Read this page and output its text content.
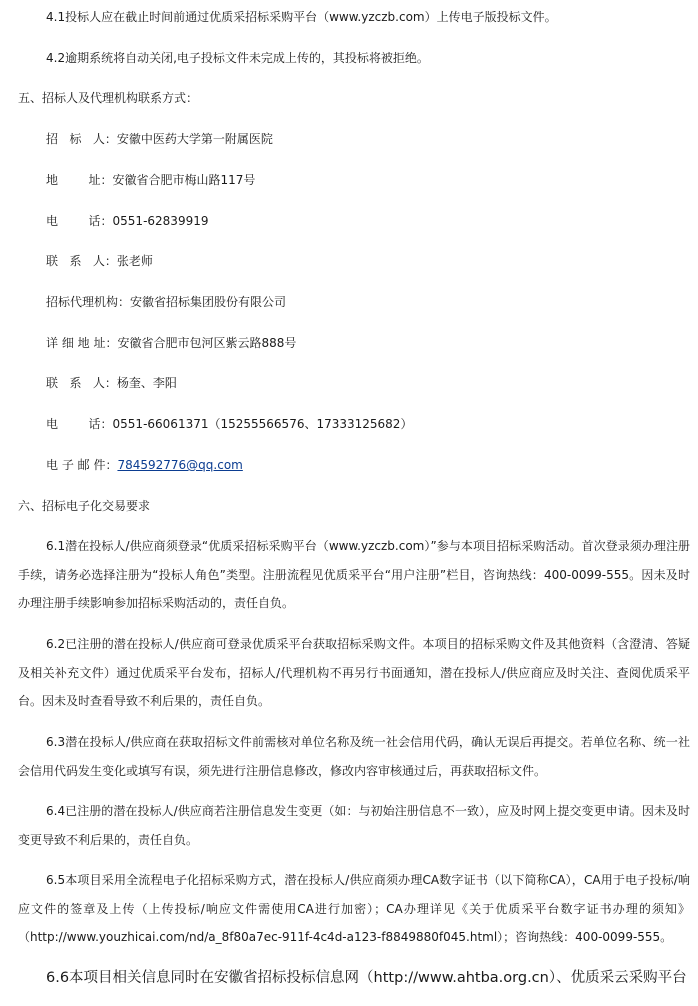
4.1投标人应在截止时间前通过优质采招标采购平台（www.yzczb.com）上传电子版投标文件。
4.2逾期系统将自动关闭,电子投标文件未完成上传的，其投标将被拒绝。
五、招标人及代理机构联系方式：
招   标   人：安徽中医药大学第一附属医院
地        址：安徽省合肥市梅山路117号
电        话：0551-62839919
联   系   人：张老师
招标代理机构：安徽省招标集团股份有限公司
详 细 地 址：安徽省合肥市包河区紫云路888号
联   系   人：杨奎、李阳
电        话：0551-66061371（15255566576、17333125682）
电 子 邮 件：784592776@qq.com
六、招标电子化交易要求
6.1潜在投标人/供应商须登录“优质采招标采购平台（www.yzczb.com）”参与本项目招标采购活动。首次登录须办理注册手续，请务必选择注册为“投标人角色”类型。注册流程见优质采平台“用户注册”栏目，咨询热线：400-0099-555。因未及时办理注册手续影响参加招标采购活动的，责任自负。
6.2已注册的潜在投标人/供应商可登录优质采平台获取招标采购文件。本项目的招标采购文件及其他资料（含澄清、答疑及相关补充文件）通过优质采平台发布，招标人/代理机构不再另行书面通知，潜在投标人/供应商应及时关注、查阅优质采平台。因未及时查看导致不利后果的，责任自负。
6.3潜在投标人/供应商在获取招标文件前需核对单位名称及统一社会信用代码，确认无误后再提交。若单位名称、统一社会信用代码发生变化或填写有误，须先进行注册信息修改，修改内容审核通过后，再获取招标文件。
6.4已注册的潜在投标人/供应商若注册信息发生变更（如：与初始注册信息不一致），应及时网上提交变更申请。因未及时变更导致不利后果的，责任自负。
6.5本项目采用全流程电子化招标采购方式，潜在投标人/供应商须办理CA数字证书（以下简称CA），CA用于电子投标/响应文件的签章及上传（上传投标/响应文件需使用CA进行加密）；CA办理详见《关于优质采平台数字证书办理的须知》（http://www.youzhicai.com/nd/a_8f80a7ec-911f-4c4d-a123-f8849880f045.html）；咨询热线：400-0099-555。
6.6本项目相关信息同时在安徽省招标投标信息网（http://www.ahtba.org.cn）、优质采云采购平台
